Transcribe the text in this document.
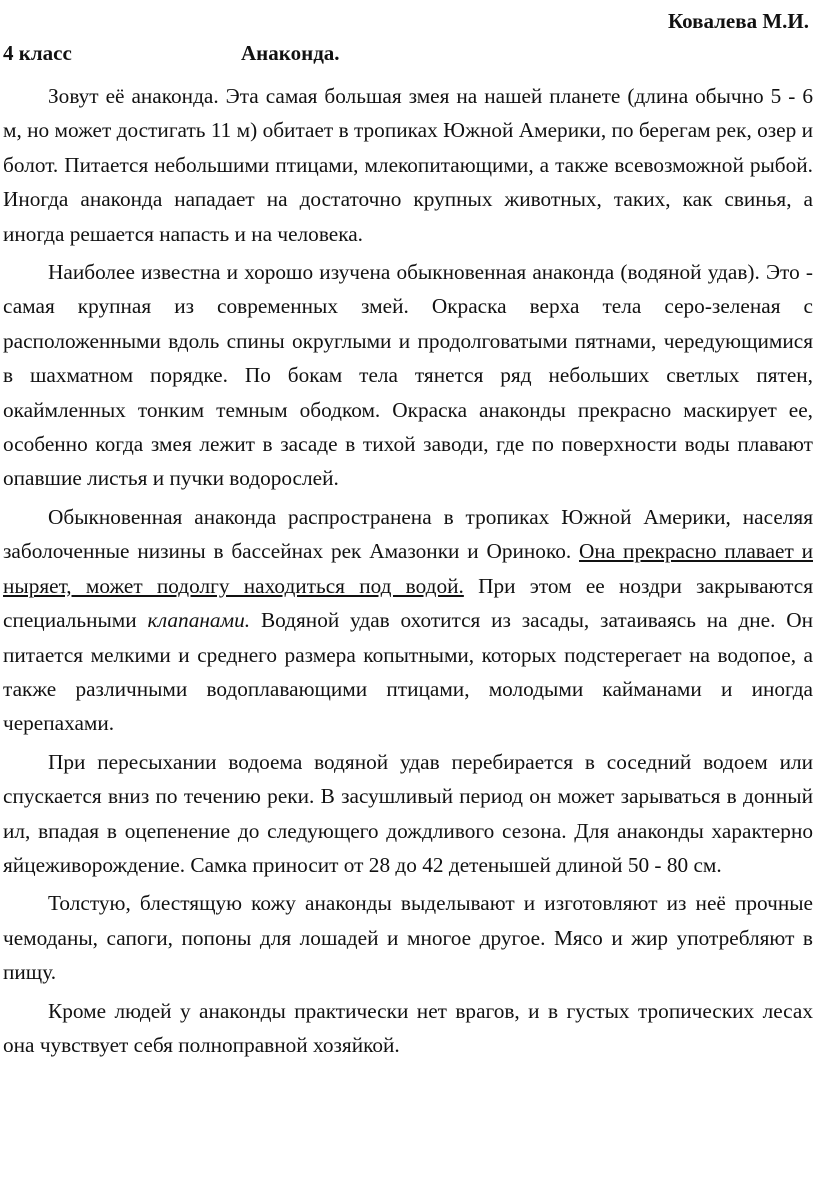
Ковалева М.И.
4 класс	Анаконда.

Зовут её анаконда. Эта самая большая змея на нашей планете (длина обычно 5 - 6 м, но может достигать 11 м) обитает в тропиках Южной Америки, по берегам рек, озер и болот. Питается небольшими птицами, млекопитающими, а также всевозможной рыбой. Иногда анаконда нападает на достаточно крупных животных, таких, как свинья, а иногда решается напасть и на человека.

Наиболее известна и хорошо изучена обыкновенная анаконда (водяной удав). Это - самая крупная из современных змей. Окраска верха тела серо-зеленая с расположенными вдоль спины округлыми и продолговатыми пятнами, чередующимися в шахматном порядке. По бокам тела тянется ряд небольших светлых пятен, окаймленных тонким темным ободком. Окраска анаконды прекрасно маскирует ее, особенно когда змея лежит в засаде в тихой заводи, где по поверхности воды плавают опавшие листья и пучки водорослей.

Обыкновенная анаконда распространена в тропиках Южной Америки, населяя заболоченные низины в бассейнах рек Амазонки и Ориноко. Она прекрасно плавает и ныряет, может подолгу находиться под водой. При этом ее ноздри закрываются специальными клапанами. Водяной удав охотится из засады, затаиваясь на дне. Он питается мелкими и среднего размера копытными, которых подстерегает на водопое, а также различными водоплавающими птицами, молодыми кайманами и иногда черепахами.

При пересыхании водоема водяной удав перебирается в соседний водоем или спускается вниз по течению реки. В засушливый период он может зарываться в донный ил, впадая в оцепенение до следующего дождливого сезона. Для анаконды характерно яйцеживорождение. Самка приносит от 28 до 42 детенышей длиной 50 - 80 см.

Толстую, блестящую кожу анаконды выделывают и изготовляют из неё прочные чемоданы, сапоги, попоны для лошадей и многое другое. Мясо и жир употребляют в пищу.

Кроме людей у анаконды практически нет врагов, и в густых тропических лесах она чувствует себя полноправной хозяйкой.
